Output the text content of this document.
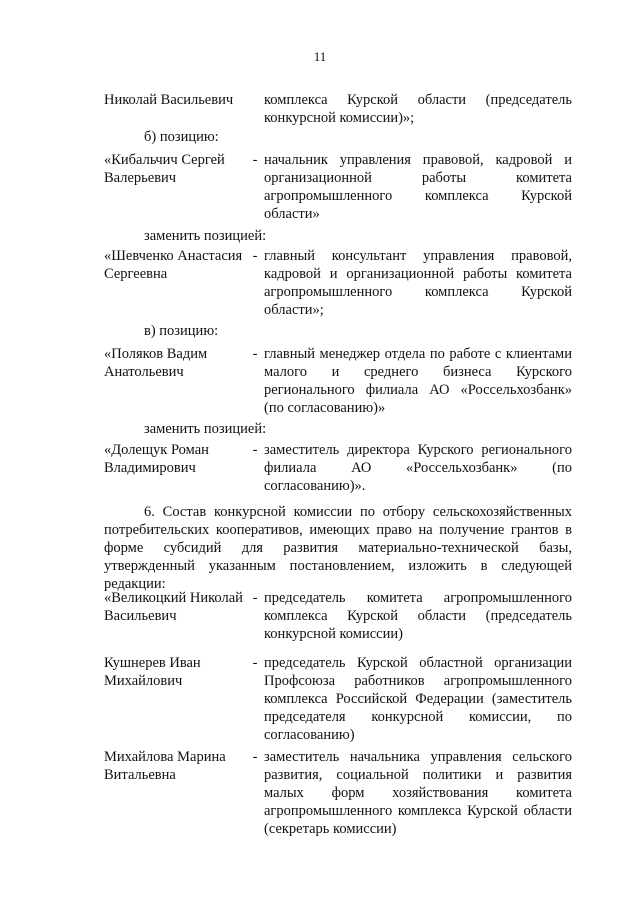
11
Николай Васильевич	комплекса Курской области (председатель конкурсной комиссии)»;
б) позицию:
«Кибальчич Сергей Валерьевич
- начальник управления правовой, кадровой и организационной работы комитета агропромышленного комплекса Курской области»
заменить позицией:
«Шевченко Анастасия Сергеевна
- главный консультант управления правовой, кадровой и организационной работы комитета агропромышленного комплекса Курской области»;
в) позицию:
«Поляков Вадим Анатольевич
- главный менеджер отдела по работе с клиентами малого и среднего бизнеса Курского регионального филиала АО «Россельхозбанк» (по согласованию)»
заменить позицией:
«Долещук Роман Владимирович
- заместитель директора Курского регионального филиала АО «Россельхозбанк» (по согласованию)».
6. Состав конкурсной комиссии по отбору сельскохозяйственных потребительских кооперативов, имеющих право на получение грантов в форме субсидий для развития материально-технической базы, утвержденный указанным постановлением, изложить в следующей редакции:
«Великоцкий Николай Васильевич
- председатель комитета агропромышленного комплекса Курской области (председатель конкурсной комиссии)
Кушнерев Иван Михайлович
- председатель Курской областной организации Профсоюза работников агропромышленного комплекса Российской Федерации (заместитель председателя конкурсной комиссии, по согласованию)
Михайлова Марина Витальевна
- заместитель начальника управления сельского развития, социальной политики и развития малых форм хозяйствования комитета агропромышленного комплекса Курской области (секретарь комиссии)
